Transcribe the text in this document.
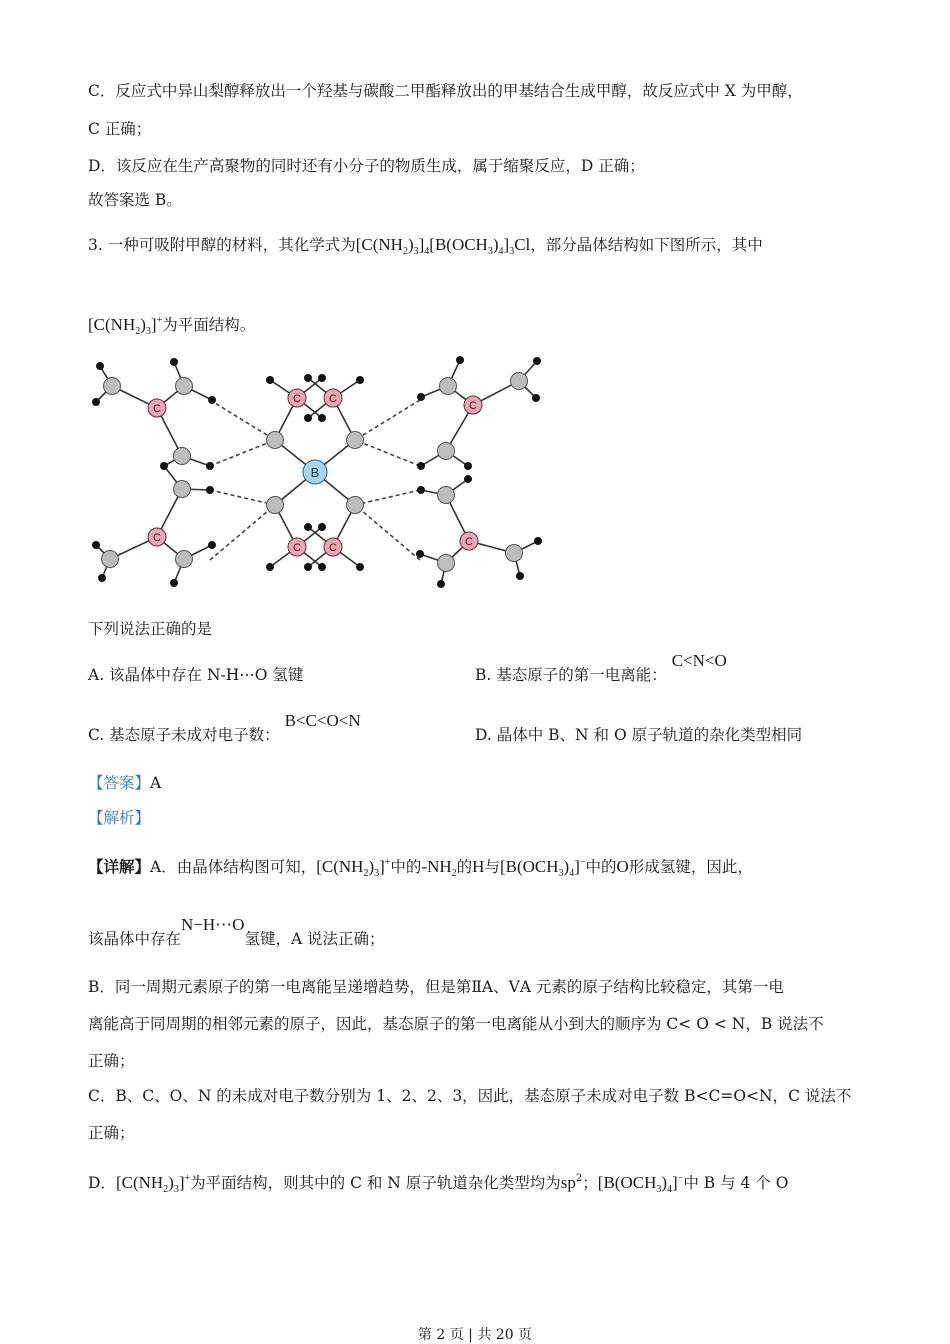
C．反应式中异山梨醇释放出一个羟基与碳酸二甲酯释放出的甲基结合生成甲醇，故反应式中 X 为甲醇，
C 正确；
D．该反应在生产高聚物的同时还有小分子的物质生成，属于缩聚反应，D 正确；
故答案选 B。
3. 一种可吸附甲醇的材料，其化学式为$[C(NH_2)_3]_4[B(OCH_3)_4]_3Cl$，部分晶体结构如下图所示，其中
$[C(NH_2)_3]^+$为平面结构。
C	C
C	C
C
C
C
C
B
下列说法正确的是
A. 该晶体中存在 N-H⋯O 氢键	B. 基态原子的第一电离能： C<N<O
C. 基态原子未成对电子数： B<C<O<N
D. 晶体中 B、N 和 O 原子轨道的杂化类型相同
【答案】A
【解析】
【详解】A．由晶体结构图可知，$[C(NH_2)_3]^+$中的$-NH_2$的H与$[B(OCH_3)_4]^-$中的O形成氢键，因此，
该晶体中存在N−H⋯O氢键，A 说法正确；
B．同一周期元素原子的第一电离能呈递增趋势，但是第ⅡA、ⅤA 元素的原子结构比较稳定，其第一电
离能高于同周期的相邻元素的原子，因此，基态原子的第一电离能从小到大的顺序为 C< O < N，B 说法不
正确；
C．B、C、O、N 的未成对电子数分别为 1、2、2、3，因此，基态原子未成对电子数 B<C=O<N，C 说法不
正确；
D．$[C(NH_2)_3]^+$为平面结构，则其中的 C 和 N 原子轨道杂化类型均为$sp^2$；$[B(OCH_3)_4]^-$中 B 与 4 个 O
第 2 页 | 共 20 页
